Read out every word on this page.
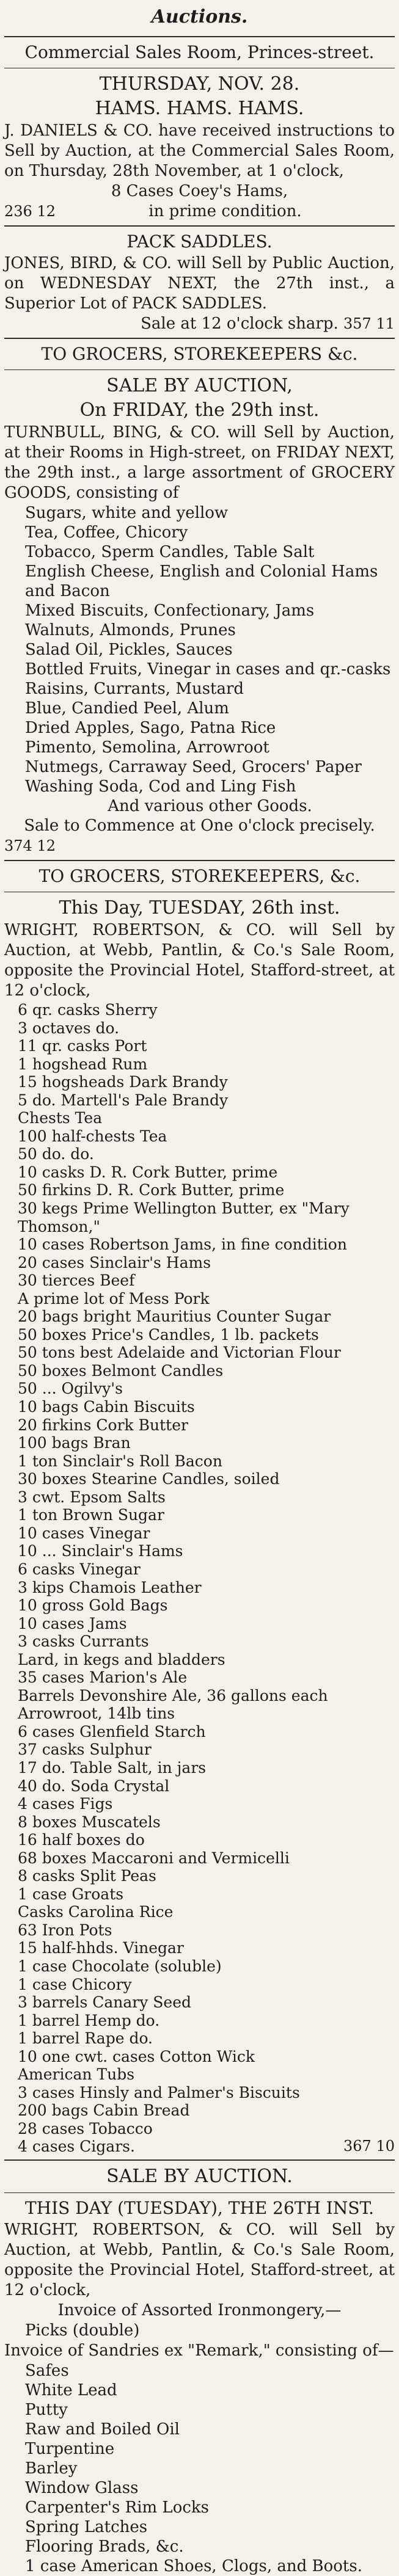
Auctions.
Commercial Sales Room, Princes-street.
THURSDAY, NOV. 28.
HAMS. HAMS. HAMS.
J. DANIELS & CO. have received instructions to Sell by Auction, at the Commercial Sales Room, on Thursday, 28th November, at 1 o'clock,
8 Cases Coey's Hams,
236 12	in prime condition.
PACK SADDLES.
JONES, BIRD, & CO. will Sell by Public Auction, on WEDNESDAY NEXT, the 27th inst., a Superior Lot of PACK SADDLES.
Sale at 12 o'clock sharp. 357 11
TO GROCERS, STOREKEEPERS &c.
SALE BY AUCTION,
On FRIDAY, the 29th inst.
TURNBULL, BING, & CO. will Sell by Auction, at their Rooms in High-street, on FRIDAY NEXT, the 29th inst., a large assortment of GROCERY GOODS, consisting of
Sugars, white and yellow
Tea, Coffee, Chicory
Tobacco, Sperm Candles, Table Salt
English Cheese, English and Colonial Hams and Bacon
Mixed Biscuits, Confectionary, Jams
Walnuts, Almonds, Prunes
Salad Oil, Pickles, Sauces
Bottled Fruits, Vinegar in cases and qr.-casks
Raisins, Currants, Mustard
Blue, Candied Peel, Alum
Dried Apples, Sago, Patna Rice
Pimento, Semolina, Arrowroot
Nutmegs, Carraway Seed, Grocers' Paper
Washing Soda, Cod and Ling Fish
And various other Goods.
Sale to Commence at One o'clock precisely.
374 12
TO GROCERS, STOREKEEPERS, &c.
This Day, TUESDAY, 26th inst.
WRIGHT, ROBERTSON, & CO. will Sell by Auction, at Webb, Pantlin, & Co.'s Sale Room, opposite the Provincial Hotel, Stafford-street, at 12 o'clock,
6 qr. casks Sherry
3 octaves do.
11 qr. casks Port
1 hogshead Rum
15 hogsheads Dark Brandy
5 do. Martell's Pale Brandy
Chests Tea
100 half-chests Tea
50 do. do.
10 casks D. R. Cork Butter, prime
50 firkins D. R. Cork Butter, prime
30 kegs Prime Wellington Butter, ex "Mary Thomson,"
10 cases Robertson Jams, in fine condition
20 cases Sinclair's Hams
30 tierces Beef
A prime lot of Mess Pork
20 bags bright Mauritius Counter Sugar
50 boxes Price's Candles, 1 lb. packets
50 tons best Adelaide and Victorian Flour
50 boxes Belmont Candles
50 ... Ogilvy's
10 bags Cabin Biscuits
20 firkins Cork Butter
100 bags Bran
1 ton Sinclair's Roll Bacon
30 boxes Stearine Candles, soiled
3 cwt. Epsom Salts
1 ton Brown Sugar
10 cases Vinegar
10 ... Sinclair's Hams
6 casks Vinegar
3 kips Chamois Leather
10 gross Gold Bags
10 cases Jams
3 casks Currants
Lard, in kegs and bladders
35 cases Marion's Ale
Barrels Devonshire Ale, 36 gallons each
Arrowroot, 14lb tins
6 cases Glenfield Starch
37 casks Sulphur
17 do. Table Salt, in jars
40 do. Soda Crystal
4 cases Figs
8 boxes Muscatels
16 half boxes do
68 boxes Maccaroni and Vermicelli
8 casks Split Peas
1 case Groats
Casks Carolina Rice
63 Iron Pots
15 half-hhds. Vinegar
1 case Chocolate (soluble)
1 case Chicory
3 barrels Canary Seed
1 barrel Hemp do.
1 barrel Rape do.
10 one cwt. cases Cotton Wick
American Tubs
3 cases Hinsly and Palmer's Biscuits
200 bags Cabin Bread
28 cases Tobacco
4 cases Cigars.	367 10
SALE BY AUCTION.
THIS DAY (TUESDAY), THE 26TH INST.
WRIGHT, ROBERTSON, & CO. will Sell by Auction, at Webb, Pantlin, & Co.'s Sale Room, opposite the Provincial Hotel, Stafford-street, at 12 o'clock,
Invoice of Assorted Ironmongery,—
Picks (double)
Invoice of Sandries ex "Remark," consisting of—
Safes
White Lead
Putty
Raw and Boiled Oil
Turpentine
Barley
Window Glass
Carpenter's Rim Locks
Spring Latches
Flooring Brads, &c.
1 case American Shoes, Clogs, and Boots.
